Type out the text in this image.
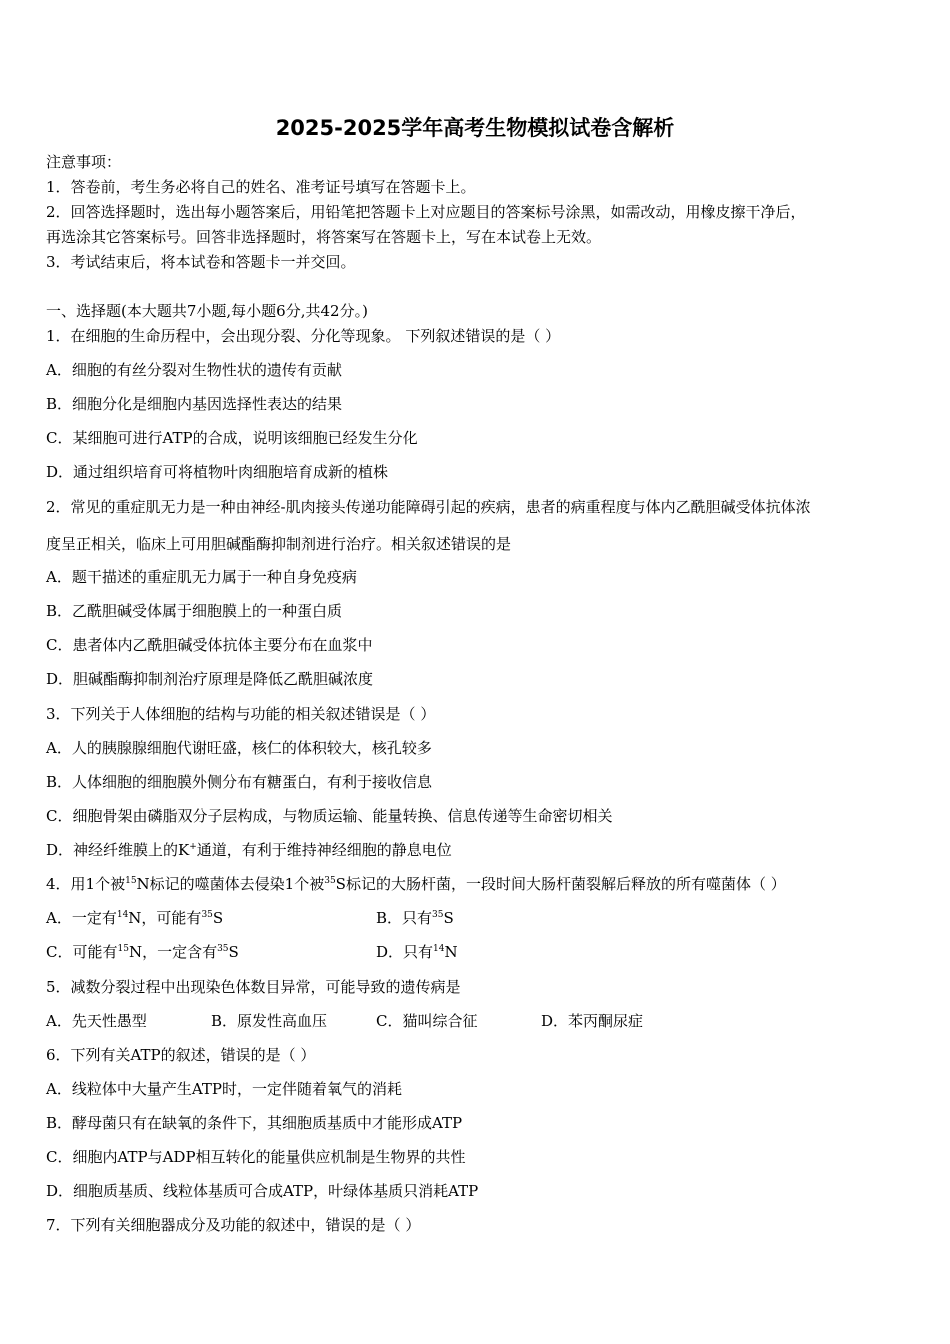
2025-2025学年高考生物模拟试卷含解析
注意事项：
1．答卷前，考生务必将自己的姓名、准考证号填写在答题卡上。
2．回答选择题时，选出每小题答案后，用铅笔把答题卡上对应题目的答案标号涂黑，如需改动，用橡皮擦干净后，
再选涂其它答案标号。回答非选择题时，将答案写在答题卡上，写在本试卷上无效。
3．考试结束后，将本试卷和答题卡一并交回。
一、选择题(本大题共7小题,每小题6分,共42分。)
1．在细胞的生命历程中，会出现分裂、分化等现象。 下列叙述错误的是（ ）
A．细胞的有丝分裂对生物性状的遗传有贡献
B．细胞分化是细胞内基因选择性表达的结果
C．某细胞可进行ATP的合成，说明该细胞已经发生分化
D．通过组织培育可将植物叶肉细胞培育成新的植株
2．常见的重症肌无力是一种由神经-肌肉接头传递功能障碍引起的疾病，患者的病重程度与体内乙酰胆碱受体抗体浓
度呈正相关，临床上可用胆碱酯酶抑制剂进行治疗。相关叙述错误的是
A．题干描述的重症肌无力属于一种自身免疫病
B．乙酰胆碱受体属于细胞膜上的一种蛋白质
C．患者体内乙酰胆碱受体抗体主要分布在血浆中
D．胆碱酯酶抑制剂治疗原理是降低乙酰胆碱浓度
3．下列关于人体细胞的结构与功能的相关叙述错误是（ ）
A．人的胰腺腺细胞代谢旺盛，核仁的体积较大，核孔较多
B．人体细胞的细胞膜外侧分布有糖蛋白，有利于接收信息
C．细胞骨架由磷脂双分子层构成，与物质运输、能量转换、信息传递等生命密切相关
D．神经纤维膜上的K+通道，有利于维持神经细胞的静息电位
4．用1个被$^{15}$N标记的噬菌体去侵染1个被$^{35}$S标记的大肠杆菌，一段时间大肠杆菌裂解后释放的所有噬菌体（ ）
A．一定有$^{14}$N，可能有$^{35}$S	B．只有$^{35}$S
C．可能有$^{15}$N，一定含有$^{35}$S	D．只有$^{14}$N
5．减数分裂过程中出现染色体数目异常，可能导致的遗传病是
A．先天性愚型	B．原发性高血压	C．猫叫综合征	D．苯丙酮尿症
6．下列有关ATP的叙述，错误的是（ ）
A．线粒体中大量产生ATP时，一定伴随着氧气的消耗
B．酵母菌只有在缺氧的条件下，其细胞质基质中才能形成ATP
C．细胞内ATP与ADP相互转化的能量供应机制是生物界的共性
D．细胞质基质、线粒体基质可合成ATP，叶绿体基质只消耗ATP
7．下列有关细胞器成分及功能的叙述中，错误的是（ ）
